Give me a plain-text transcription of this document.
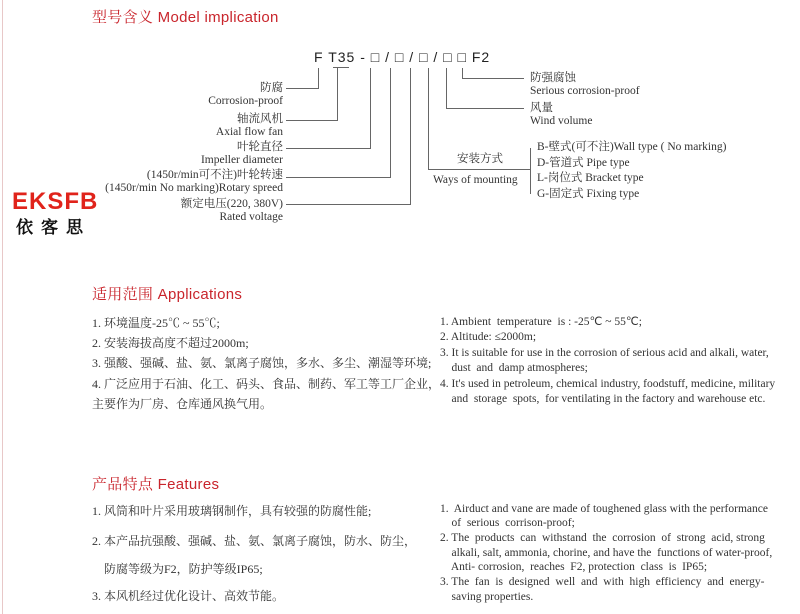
型号含义 Model implication
F T35 - □ / □ / □ / □ □ F2
防腐
Corrosion-proof
轴流风机
Axial flow fan
叶轮直径
Impeller diameter
(1450r/min可不注)叶轮转速
(1450r/min No marking)Rotary spreed
额定电压(220, 380V)
Rated voltage
防强腐蚀
Serious corrosion-proof
风量
Wind volume
安装方式
Ways of mounting
B-壁式(可不注)Wall type ( No marking)
D-管道式 Pipe type
L-岗位式 Bracket type
G-固定式 Fixing type
EKSFB
依客思
适用范围 Applications
1. 环境温度-25℃ ~ 55℃;
2. 安装海拔高度不超过2000m;
3. 强酸、强碱、盐、氨、氯离子腐蚀，多水、多尘、潮湿等环境;
4. 广泛应用于石油、化工、码头、食品、制药、军工等工厂企业，
主要作为厂房、仓库通风换气用。
1. Ambient  temperature  is : -25℃ ~ 55℃;
2. Altitude: ≤2000m;
3. It is suitable for use in the corrosion of serious acid and alkali, water,
dust  and  damp atmospheres;
4. It's used in petroleum, chemical industry, foodstuff, medicine, military
and  storage  spots,  for ventilating in the factory and warehouse etc.
产品特点 Features
1. 风筒和叶片采用玻璃钢制作，具有较强的防腐性能;
2. 本产品抗强酸、强碱、盐、氨、氯离子腐蚀，防水、防尘，
防腐等级为F2，防护等级IP65;
3. 本风机经过优化设计、高效节能。
1.  Airduct and vane are made of toughened glass with the performance
of  serious  corrison-proof;
2. The  products  can  withstand  the  corrosion  of  strong  acid, strong
alkali, salt, ammonia, chorine, and have the  functions of water-proof,
Anti- corrosion,  reaches  F2, protection  class  is  IP65;
3. The  fan  is  designed  well  and  with  high  efficiency  and  energy-
saving properties.
